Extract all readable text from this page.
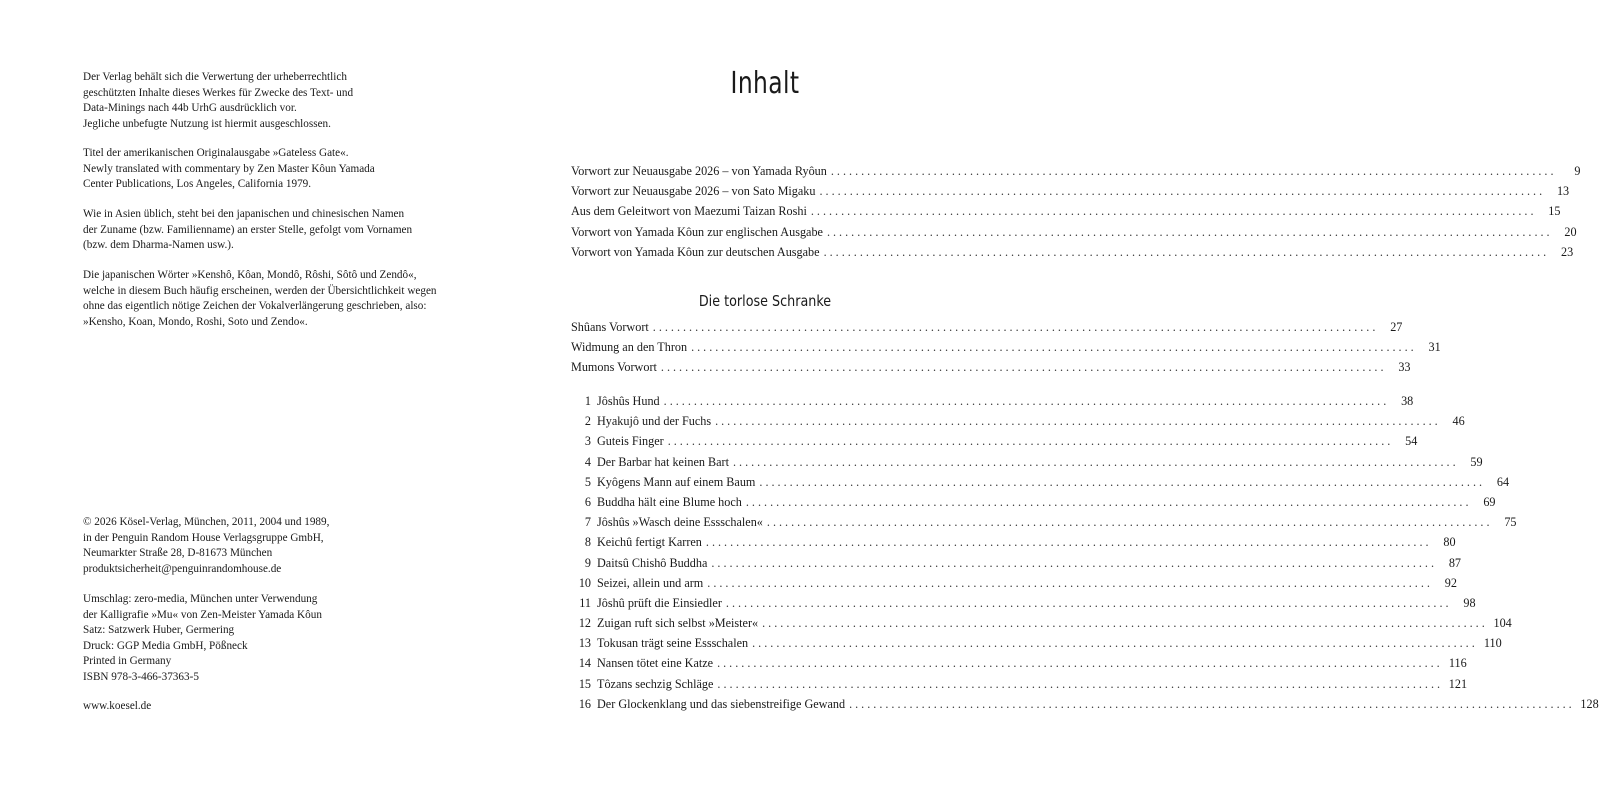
Der Verlag behält sich die Verwertung der urheberrechtlich

geschützten Inhalte dieses Werkes für Zwecke des Text- und

Data-Minings nach 44b UrhG ausdrücklich vor.

Jegliche unbefugte Nutzung ist hiermit ausgeschlossen.

Titel der amerikanischen Originalausgabe »Gateless Gate«.

Newly translated with commentary by Zen Master Kôun Yamada

Center Publications, Los Angeles, California 1979.

Wie in Asien üblich, steht bei den japanischen und chinesischen Namen

der Zuname (bzw. Familienname) an erster Stelle, gefolgt vom Vornamen

(bzw. dem Dharma-Namen usw.).

Die japanischen Wörter »Kenshô, Kôan, Mondô, Rôshi, Sôtô und Zendô«,

welche in diesem Buch häufig erscheinen, werden der Übersichtlichkeit wegen

ohne das eigentlich nötige Zeichen der Vokalverlängerung geschrieben, also:

»Kensho, Koan, Mondo, Roshi, Soto und Zendo«.

© 2026 Kösel-Verlag, München, 2011, 2004 und 1989,

in der Penguin Random House Verlagsgruppe GmbH,

Neumarkter Straße 28, D-81673 München

produktsicherheit@penguinrandomhouse.de

Umschlag: zero-media, München unter Verwendung

der Kalligrafie »Mu« von Zen-Meister Yamada Kôun

Satz: Satzwerk Huber, Germering

Druck: GGP Media GmbH, Pößneck

Printed in Germany

ISBN 978-3-466-37363-5

www.koesel.de

Inhalt
Vorwort zur Neuausgabe 2026 – von Yamada Ryôun ........................................................................................................................	9
Vorwort zur Neuausgabe 2026 – von Sato Migaku ........................................................................................................................ 13
Aus dem Geleitwort von Maezumi Taizan Roshi ........................................................................................................................ 15
Vorwort von Yamada Kôun zur englischen Ausgabe ........................................................................................................................ 20
Vorwort von Yamada Kôun zur deutschen Ausgabe ........................................................................................................................ 23
Die torlose Schranke
Shûans Vorwort ........................................................................................................................ 27
Widmung an den Thron ........................................................................................................................ 31
Mumons Vorwort ........................................................................................................................ 33
1 Jôshûs Hund ........................................................................................................................ 38
2 Hyakujô und der Fuchs ........................................................................................................................ 46
3 Guteis Finger ........................................................................................................................ 54
4 Der Barbar hat keinen Bart ........................................................................................................................ 59
5 Kyôgens Mann auf einem Baum ........................................................................................................................ 64
6 Buddha hält eine Blume hoch ........................................................................................................................ 69
7 Jôshûs »Wasch deine Essschalen« ........................................................................................................................ 75
8 Keichû fertigt Karren ........................................................................................................................ 80
9 Daitsû Chishô Buddha ........................................................................................................................ 87
10 Seizei, allein und arm ........................................................................................................................ 92
11 Jôshû prüft die Einsiedler ........................................................................................................................ 98
12 Zuigan ruft sich selbst »Meister« ........................................................................................................................ 104
13 Tokusan trägt seine Essschalen ........................................................................................................................ 110
14 Nansen tötet eine Katze ........................................................................................................................ 116
15 Tôzans sechzig Schläge ........................................................................................................................ 121
16 Der Glockenklang und das siebenstreifige Gewand ........................................................................................................................ 128
